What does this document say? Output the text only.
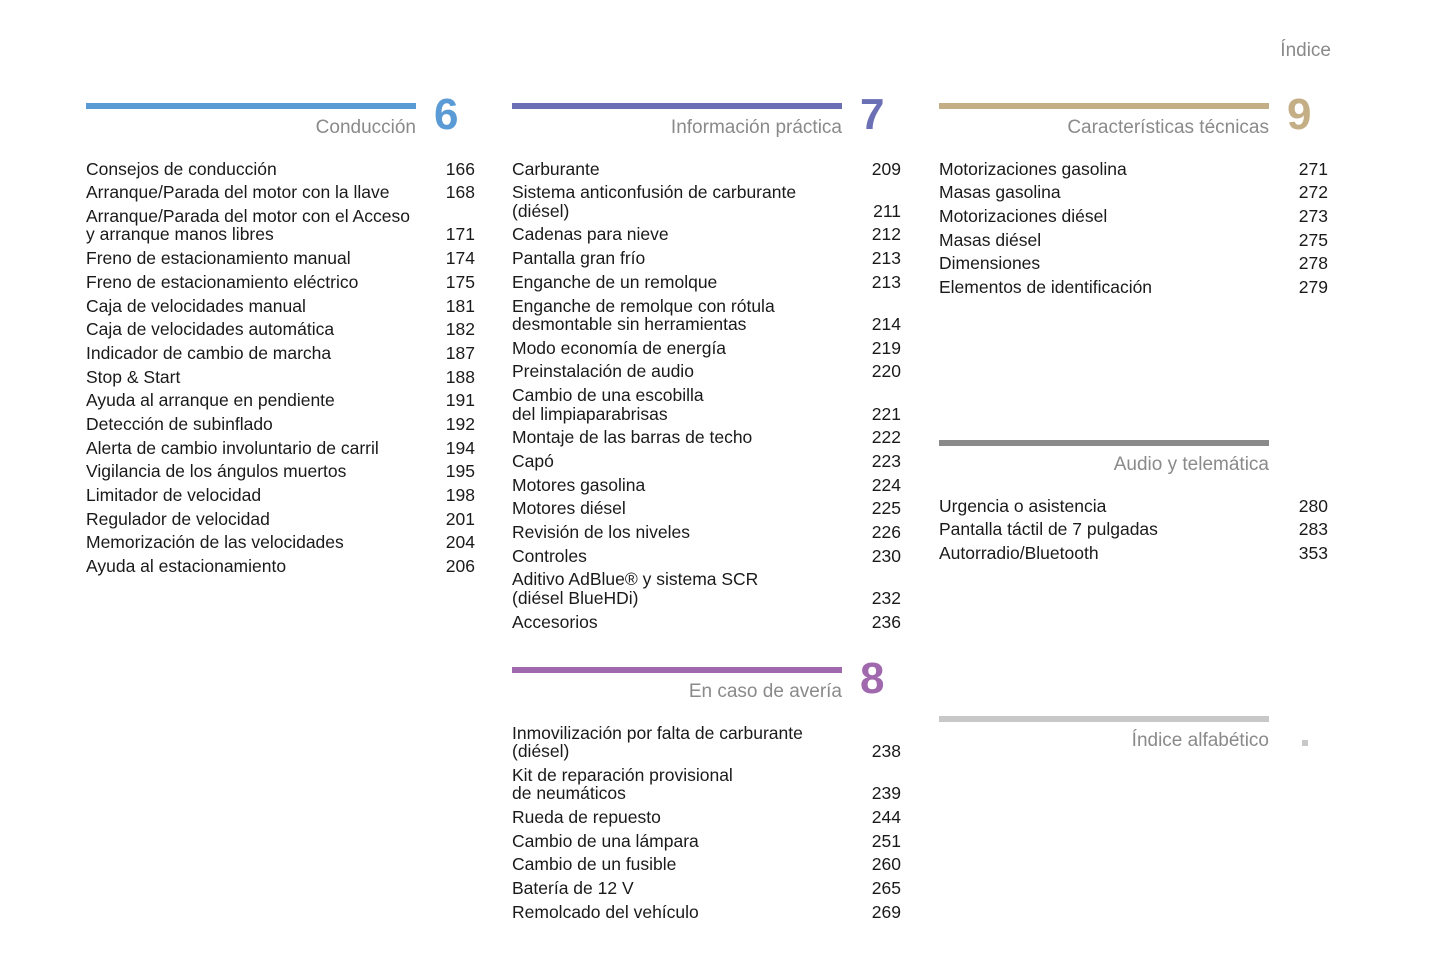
Índice
Conducción 6
Consejos de conducción	166
Arranque/Parada del motor con la llave	168
Arranque/Parada del motor con el Acceso
y arranque manos libres	171
Freno de estacionamiento manual	174
Freno de estacionamiento eléctrico	175
Caja de velocidades manual	181
Caja de velocidades automática	182
Indicador de cambio de marcha	187
Stop & Start	188
Ayuda al arranque en pendiente	191
Detección de subinflado	192
Alerta de cambio involuntario de carril	194
Vigilancia de los ángulos muertos	195
Limitador de velocidad	198
Regulador de velocidad	201
Memorización de las velocidades	204
Ayuda al estacionamiento	206
Información práctica 7
Carburante	209
Sistema anticonfusión de carburante
(diésel)	211
Cadenas para nieve	212
Pantalla gran frío	213
Enganche de un remolque	213
Enganche de remolque con rótula
desmontable sin herramientas	214
Modo economía de energía	219
Preinstalación de audio	220
Cambio de una escobilla
del limpiaparabrisas	221
Montaje de las barras de techo	222
Capó	223
Motores gasolina	224
Motores diésel	225
Revisión de los niveles	226
Controles	230
Aditivo AdBlue® y sistema SCR
(diésel BlueHDi)	232
Accesorios	236
En caso de avería 8
Inmovilización por falta de carburante
(diésel)	238
Kit de reparación provisional
de neumáticos	239
Rueda de repuesto	244
Cambio de una lámpara	251
Cambio de un fusible	260
Batería de 12 V	265
Remolcado del vehículo	269
Características técnicas 9
Motorizaciones gasolina	271
Masas gasolina	272
Motorizaciones diésel	273
Masas diésel	275
Dimensiones	278
Elementos de identificación	279
Audio y telemática
Urgencia o asistencia	280
Pantalla táctil de 7 pulgadas	283
Autorradio/Bluetooth	353
Índice alfabético
